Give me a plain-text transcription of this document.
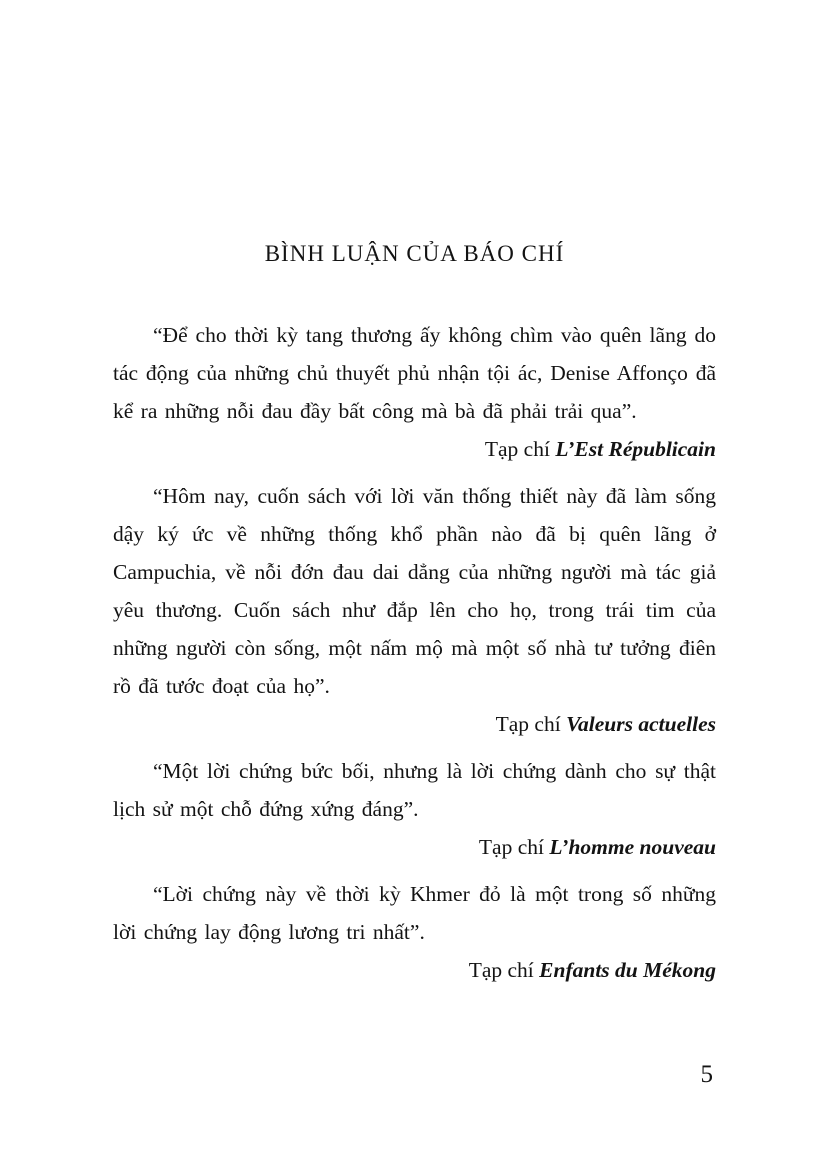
BÌNH LUẬN CỦA BÁO CHÍ

“Để cho thời kỳ tang thương ấy không chìm vào quên lãng do tác động của những chủ thuyết phủ nhận tội ác, Denise Affonço đã kể ra những nỗi đau đầy bất công mà bà đã phải trải qua”.

Tạp chí L’Est Républicain

“Hôm nay, cuốn sách với lời văn thống thiết này đã làm sống dậy ký ức về những thống khổ phần nào đã bị quên lãng ở Campuchia, về nỗi đớn đau dai dẳng của những người mà tác giả yêu thương. Cuốn sách như đắp lên cho họ, trong trái tim của những người còn sống, một nấm mộ mà một số nhà tư tưởng điên rồ đã tước đoạt của họ”.

Tạp chí Valeurs actuelles

“Một lời chứng bức bối, nhưng là lời chứng dành cho sự thật lịch sử một chỗ đứng xứng đáng”.

Tạp chí L’homme nouveau

“Lời chứng này về thời kỳ Khmer đỏ là một trong số những lời chứng lay động lương tri nhất”.

Tạp chí Enfants du Mékong

5
